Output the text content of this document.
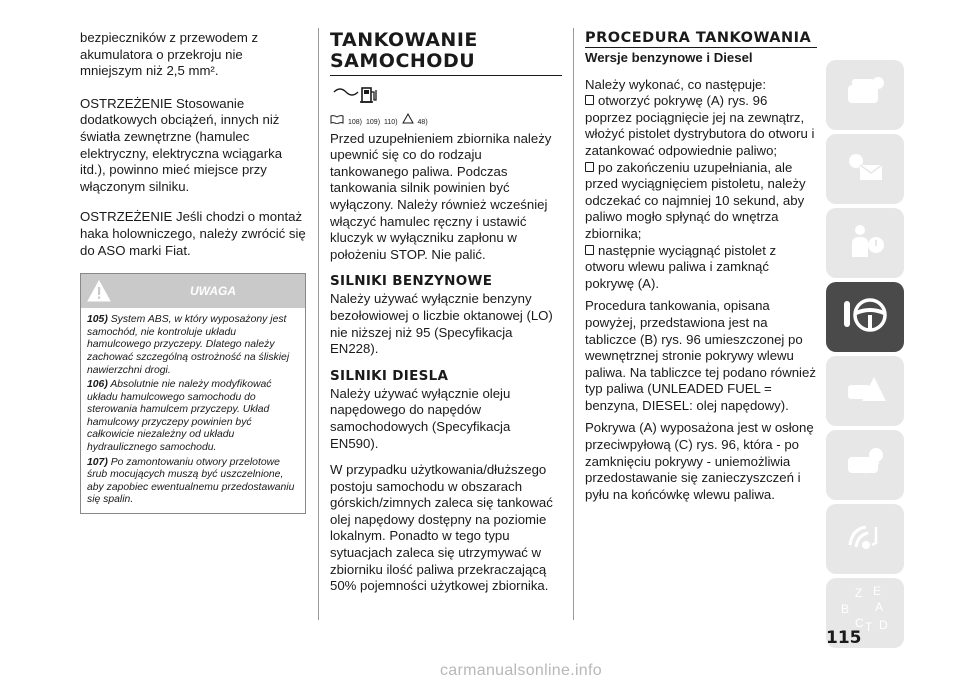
bezpieczników z przewodem z akumulatora o przekroju nie mniejszym niż 2,5 mm².

OSTRZEŻENIE Stosowanie dodatkowych obciążeń, innych niż światła zewnętrzne (hamulec elektryczny, elektryczna wciągarka itd.), powinno mieć miejsce przy włączonym silniku.

OSTRZEŻENIE Jeśli chodzi o montaż haka holowniczego, należy zwrócić się do ASO marki Fiat.

UWAGA

105) System ABS, w który wyposażony jest samochód, nie kontroluje układu hamulcowego przyczepy. Dlatego należy zachować szczególną ostrożność na śliskiej nawierzchni drogi.

106) Absolutnie nie należy modyfikować układu hamulcowego samochodu do sterowania hamulcem przyczepy. Układ hamulcowy przyczepy powinien być całkowicie niezależny od układu hydraulicznego samochodu.

107) Po zamontowaniu otwory przelotowe śrub mocujących muszą być uszczelnione, aby zapobiec ewentualnemu przedostawaniu się spalin.

TANKOWANIE SAMOCHODU
108) 109) 110)	48)

Przed uzupełnieniem zbiornika należy upewnić się co do rodzaju tankowanego paliwa. Podczas tankowania silnik powinien być wyłączony. Należy również wcześniej włączyć hamulec ręczny i ustawić kluczyk w wyłączniku zapłonu w położeniu STOP. Nie palić.

SILNIKI BENZYNOWE

Należy używać wyłącznie benzyny bezołowiowej o liczbie oktanowej (LO) nie niższej niż 95 (Specyfikacja EN228).

SILNIKI DIESLA

Należy używać wyłącznie oleju napędowego do napędów samochodowych (Specyfikacja EN590).

W przypadku użytkowania/dłuższego postoju samochodu w obszarach górskich/zimnych zaleca się tankować olej napędowy dostępny na poziomie lokalnym. Ponadto w tego typu sytuacjach zaleca się utrzymywać w zbiorniku ilość paliwa przekraczającą 50% pojemności użytkowej zbiornika.

PROCEDURA TANKOWANIA

Wersje benzynowe i Diesel

Należy wykonać, co następuje:

otworzyć pokrywę (A) rys. 96 poprzez pociągnięcie jej na zewnątrz, włożyć pistolet dystrybutora do otworu i zatankować odpowiednie paliwo;

po zakończeniu uzupełniania, ale przed wyciągnięciem pistoletu, należy odczekać co najmniej 10 sekund, aby paliwo mogło spłynąć do wnętrza zbiornika;

następnie wyciągnąć pistolet z otworu wlewu paliwa i zamknąć pokrywę (A).

Procedura tankowania, opisana powyżej, przedstawiona jest na tabliczce (B) rys. 96 umieszczonej po wewnętrznej stronie pokrywy wlewu paliwa. Na tabliczce tej podano również typ paliwa (UNLEADED FUEL = benzyna, DIESEL: olej napędowy).

Pokrywa (A) wyposażona jest w osłonę przeciwpyłową (C) rys. 96, która - po zamknięciu pokrywy - uniemożliwia przedostawanie się zanieczyszczeń i pyłu na końcówkę wlewu paliwa.

Z E
B
C
A
T D
115
carmanualsonline.info
